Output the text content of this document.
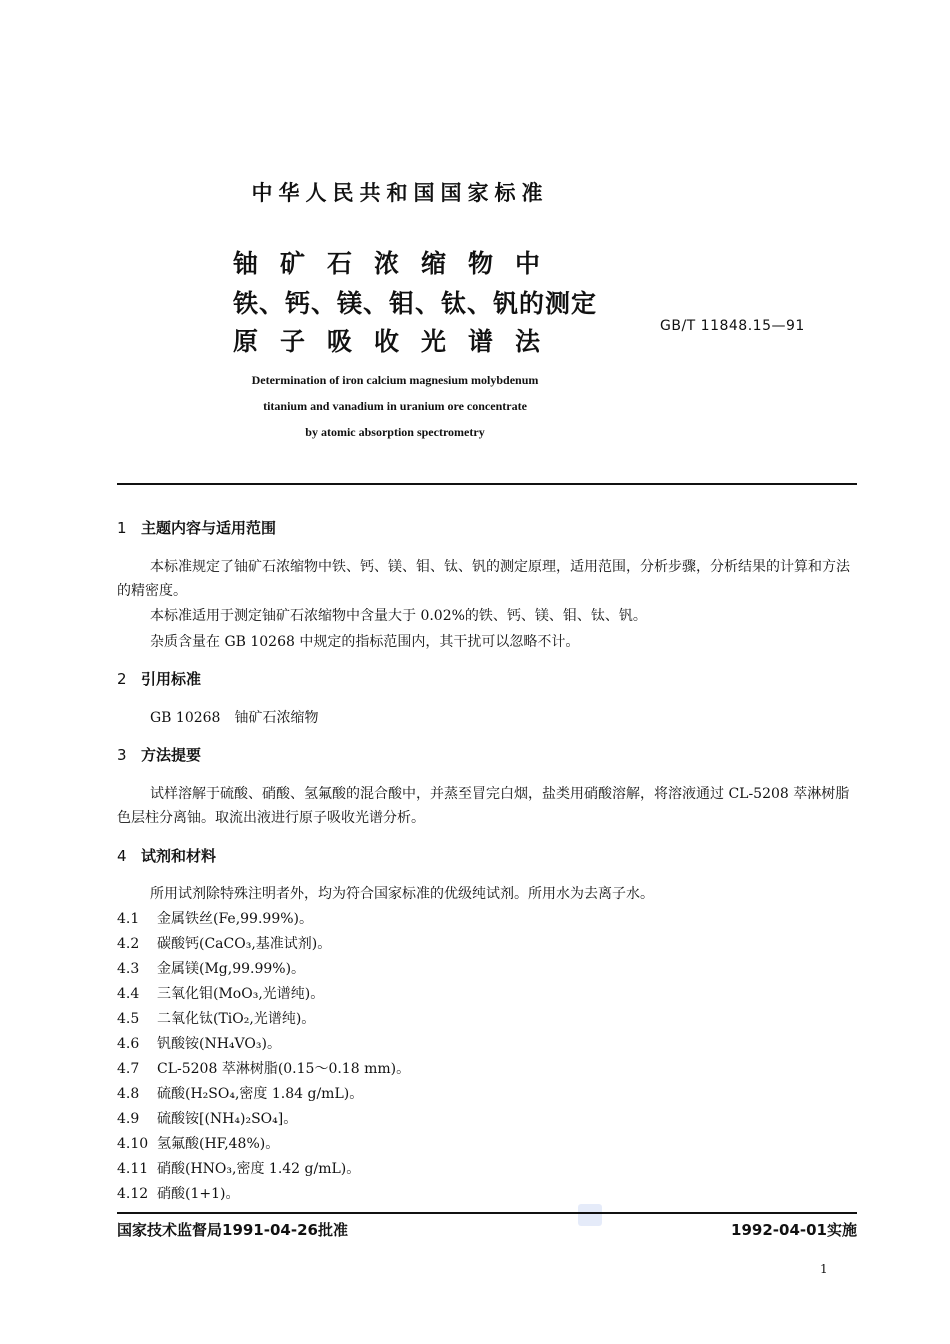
中华人民共和国国家标准
铀矿石浓缩物中
铁、钙、镁、钼、钛、钒的测定
原子吸收光谱法
GB/T 11848.15—91
Determination of iron calcium magnesium molybdenum
titanium and vanadium in uranium ore concentrate
by atomic absorption spectrometry
1 主题内容与适用范围
本标准规定了铀矿石浓缩物中铁、钙、镁、钼、钛、钒的测定原理，适用范围，分析步骤，分析结果的计算和方法的精密度。
本标准适用于测定铀矿石浓缩物中含量大于 0.02%的铁、钙、镁、钼、钛、钒。
杂质含量在 GB 10268 中规定的指标范围内，其干扰可以忽略不计。
2 引用标准
GB 10268　铀矿石浓缩物
3 方法提要
试样溶解于硫酸、硝酸、氢氟酸的混合酸中，并蒸至冒完白烟，盐类用硝酸溶解，将溶液通过 CL-5208 萃淋树脂色层柱分离铀。取流出液进行原子吸收光谱分析。
4 试剂和材料
所用试剂除特殊注明者外，均为符合国家标准的优级纯试剂。所用水为去离子水。
4.1 金属铁丝(Fe,99.99%)。
4.2 碳酸钙(CaCO₃,基准试剂)。
4.3 金属镁(Mg,99.99%)。
4.4 三氧化钼(MoO₃,光谱纯)。
4.5 二氧化钛(TiO₂,光谱纯)。
4.6 钒酸铵(NH₄VO₃)。
4.7 CL-5208 萃淋树脂(0.15～0.18 mm)。
4.8 硫酸(H₂SO₄,密度 1.84 g/mL)。
4.9 硫酸铵[(NH₄)₂SO₄]。
4.10 氢氟酸(HF,48%)。
4.11 硝酸(HNO₃,密度 1.42 g/mL)。
4.12 硝酸(1+1)。
国家技术监督局1991-04-26批准	1992-04-01实施
1
